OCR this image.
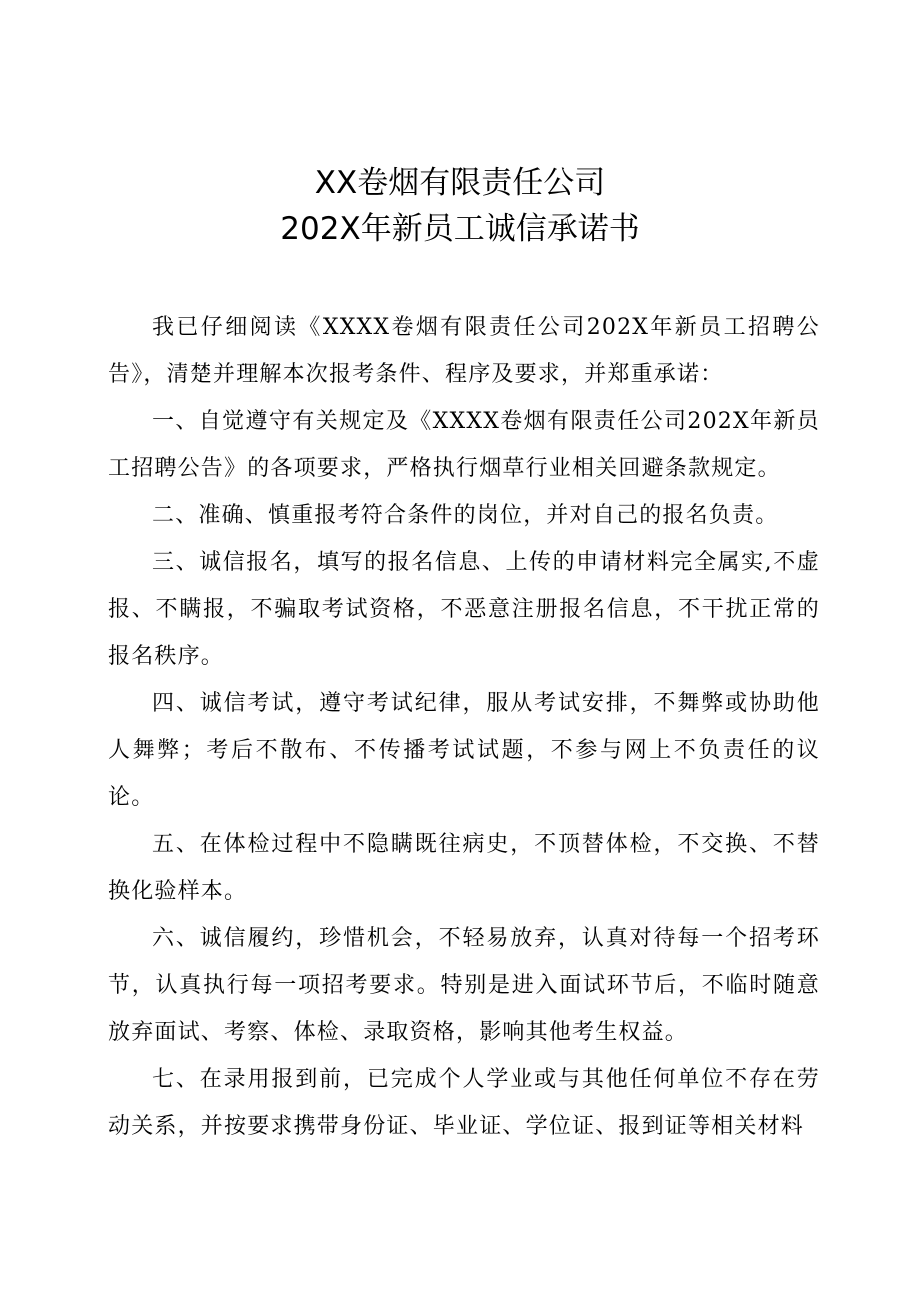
XX卷烟有限责任公司
202X年新员工诚信承诺书

我已仔细阅读《XXXX卷烟有限责任公司202X年新员工招聘公告》，清楚并理解本次报考条件、程序及要求，并郑重承诺：

一、自觉遵守有关规定及《XXXX卷烟有限责任公司202X年新员工招聘公告》的各项要求，严格执行烟草行业相关回避条款规定。

二、准确、慎重报考符合条件的岗位，并对自己的报名负责。

三、诚信报名，填写的报名信息、上传的申请材料完全属实,不虚报、不瞒报，不骗取考试资格，不恶意注册报名信息，不干扰正常的报名秩序。

四、诚信考试，遵守考试纪律，服从考试安排，不舞弊或协助他人舞弊；考后不散布、不传播考试试题，不参与网上不负责任的议论。

五、在体检过程中不隐瞒既往病史，不顶替体检，不交换、不替换化验样本。

六、诚信履约，珍惜机会，不轻易放弃，认真对待每一个招考环节，认真执行每一项招考要求。特别是进入面试环节后，不临时随意放弃面试、考察、体检、录取资格，影响其他考生权益。

七、在录用报到前，已完成个人学业或与其他任何单位不存在劳动关系，并按要求携带身份证、毕业证、学位证、报到证等相关材料
